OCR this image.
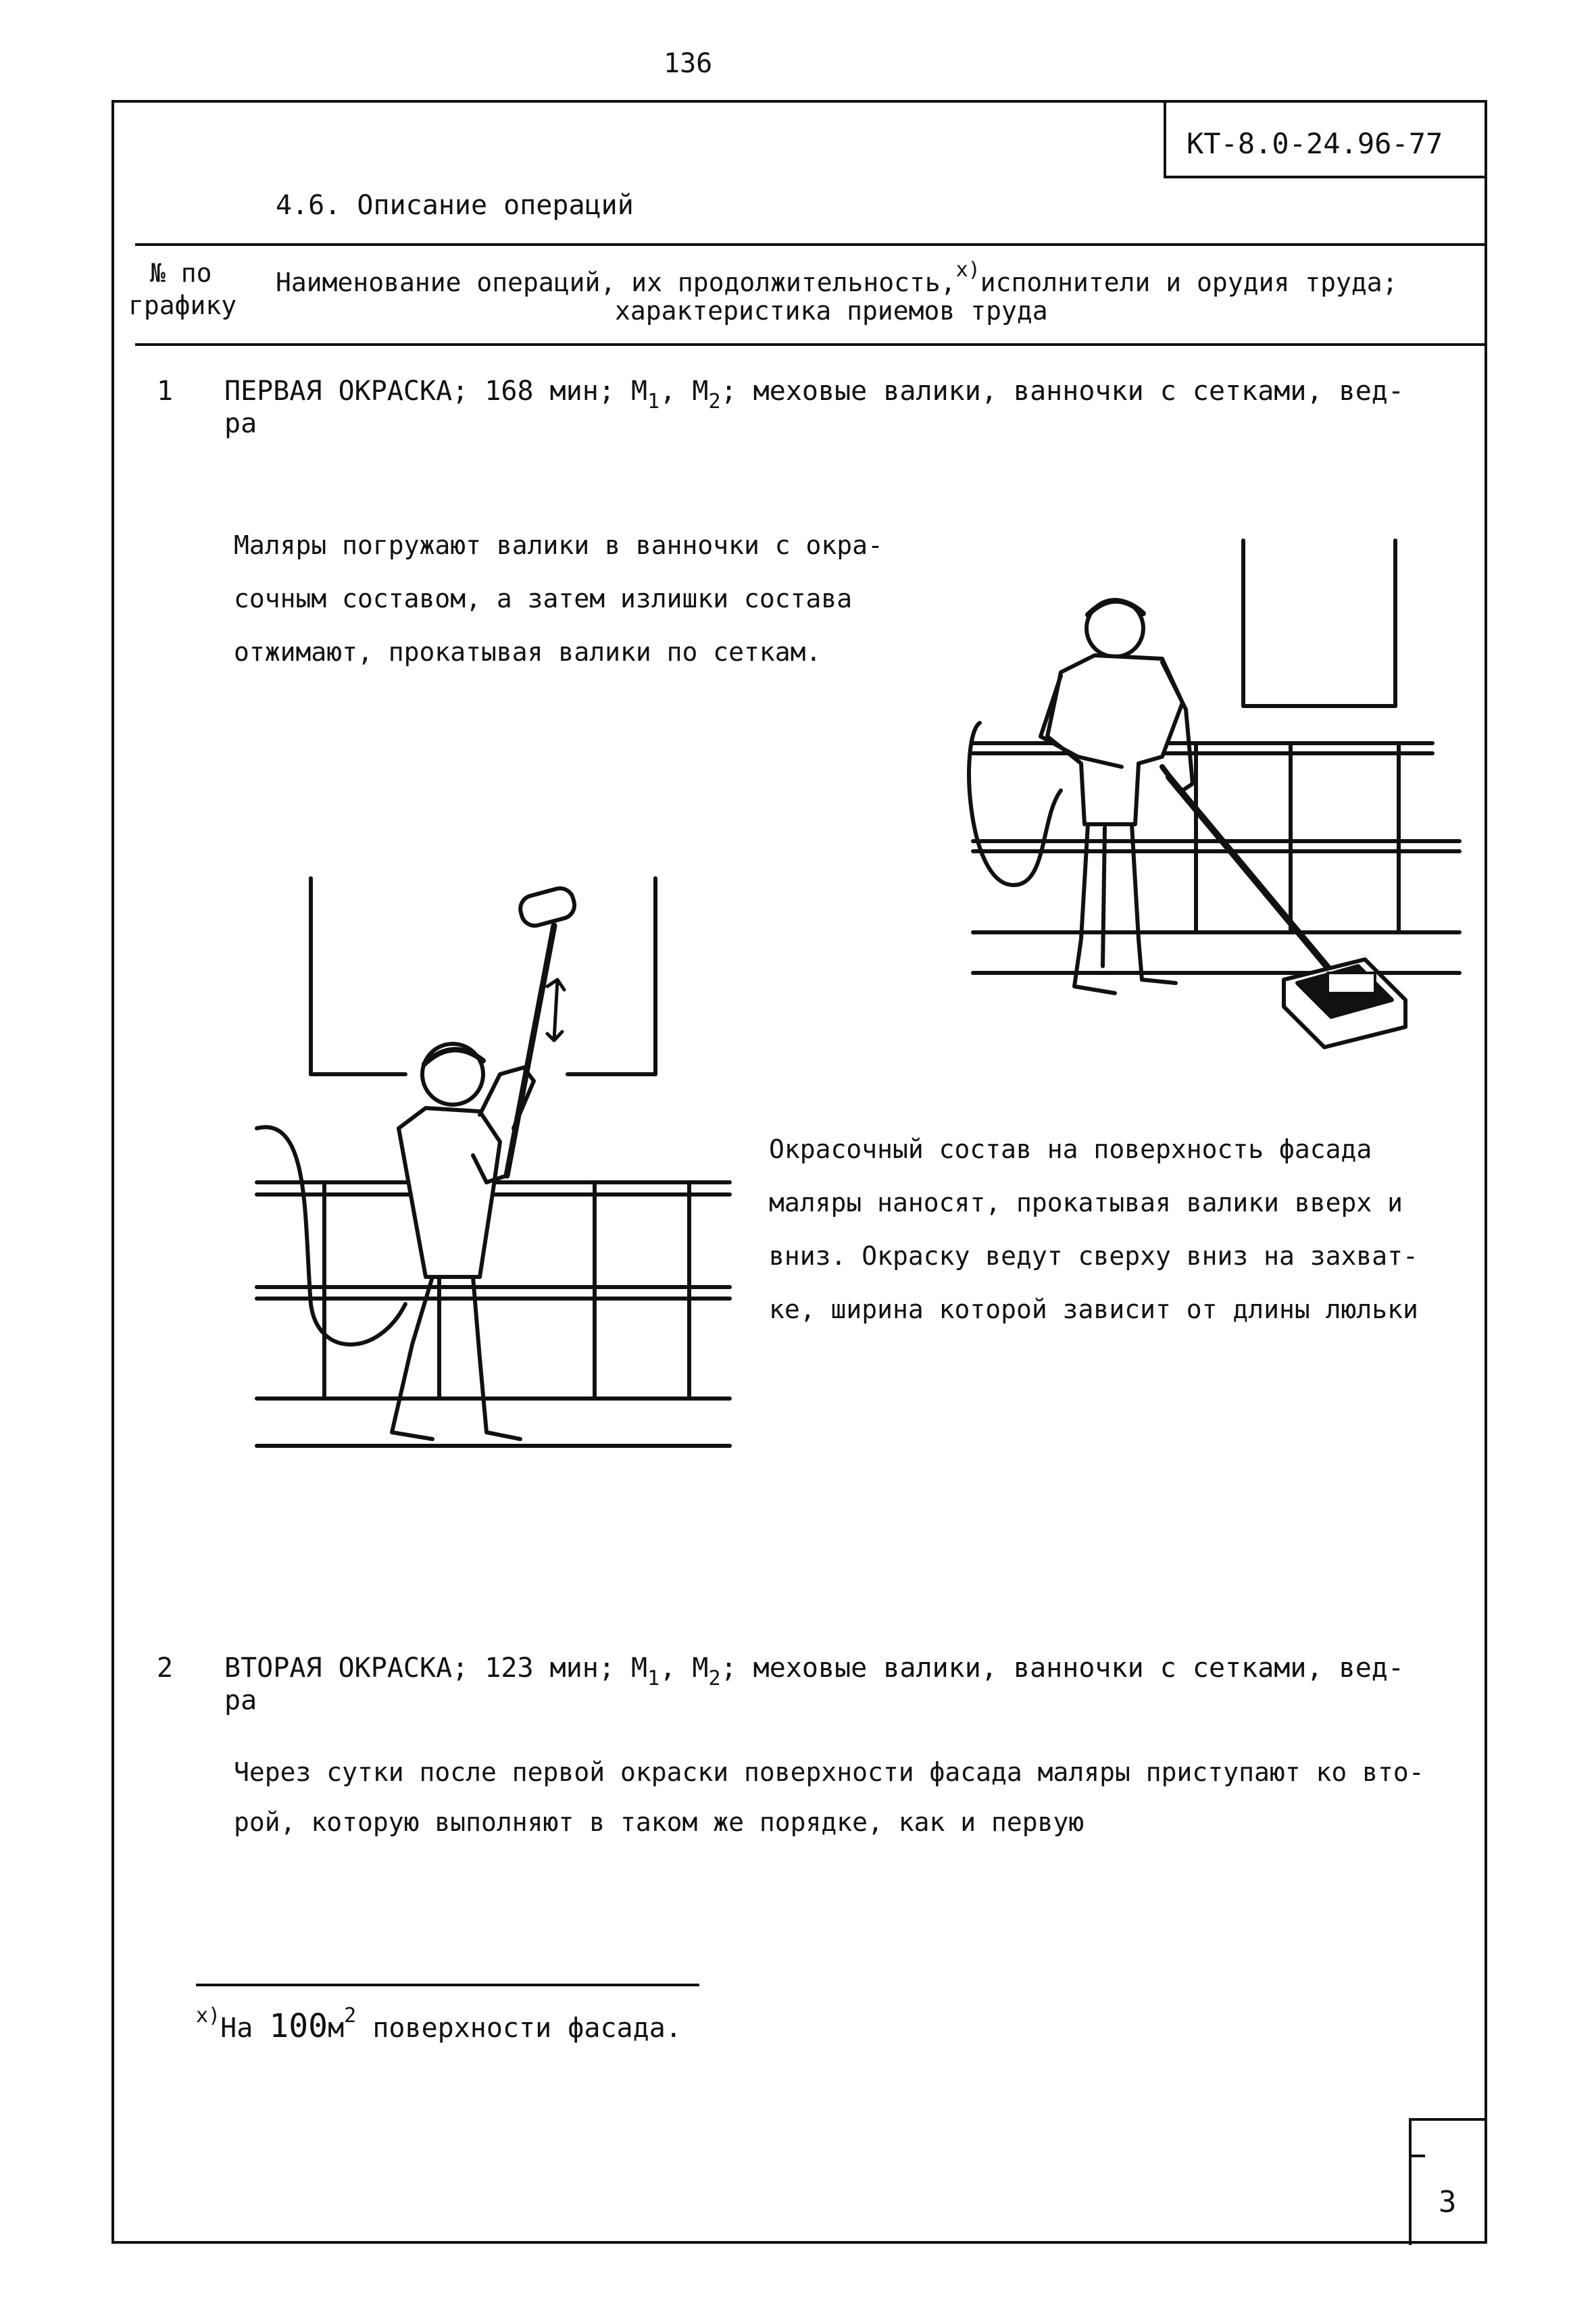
136
КТ-8.0-24.96-77
4.6. Описание операций
№ по
графику
Наименование операций, их продолжительность,$^{x)}$исполнители и орудия труда;
характеристика приемов труда
1 ПЕРВАЯ ОКРАСКА; 168 мин; $М_1$, $М_2$; меховые валики, ванночки с сетками, вед-
ра
Маляры погружают валики в ванночки с окра-
сочным составом, а затем излишки состава
отжимают, прокатывая валики по сеткам.
Окрасочный состав на поверхность фасада
маляры наносят, прокатывая валики вверх и
вниз. Окраску ведут сверху вниз на захват-
ке, ширина которой зависит от длины люльки
2 ВТОРАЯ ОКРАСКА; 123 мин; $М_1$, $М_2$; меховые валики, ванночки с сетками, вед-
ра
Через сутки после первой окраски поверхности фасада маляры приступают ко вто-
рой, которую выполняют в таком же порядке, как и первую
$^{x)}$На $100м^2$ поверхности фасада.
3
